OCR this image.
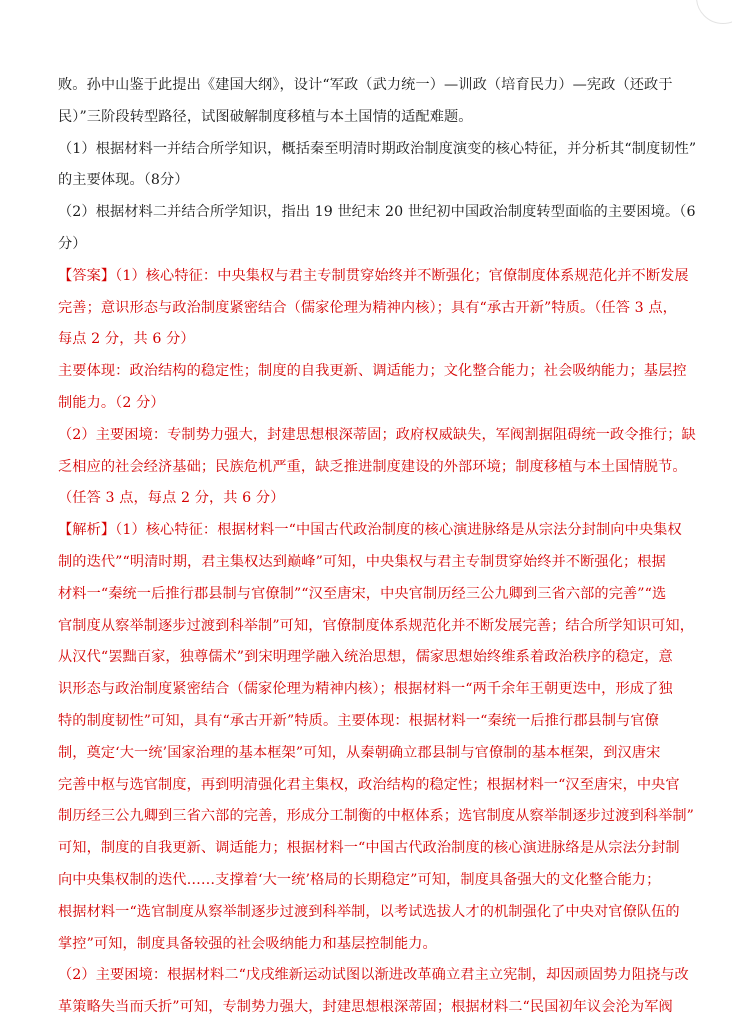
败。孙中山鉴于此提出《建国大纲》，设计“军政（武力统一）—训政（培育民力）—宪政（还政于
民）”三阶段转型路径，试图破解制度移植与本土国情的适配难题。
（1）根据材料一并结合所学知识，概括秦至明清时期政治制度演变的核心特征，并分析其“制度韧性”
的主要体现。（8分）
（2）根据材料二并结合所学知识，指出 19 世纪末 20 世纪初中国政治制度转型面临的主要困境。（6
分）
【答案】（1）核心特征：中央集权与君主专制贯穿始终并不断强化；官僚制度体系规范化并不断发展
完善；意识形态与政治制度紧密结合（儒家伦理为精神内核）；具有“承古开新”特质。（任答 3 点，
每点 2 分，共 6 分）
主要体现：政治结构的稳定性；制度的自我更新、调适能力；文化整合能力；社会吸纳能力；基层控
制能力。（2 分）
（2）主要困境：专制势力强大，封建思想根深蒂固；政府权威缺失，军阀割据阻碍统一政令推行；缺
乏相应的社会经济基础；民族危机严重，缺乏推进制度建设的外部环境；制度移植与本土国情脱节。
（任答 3 点，每点 2 分，共 6 分）
【解析】（1）核心特征：根据材料一“中国古代政治制度的核心演进脉络是从宗法分封制向中央集权
制的迭代”“明清时期，君主集权达到巅峰”可知，中央集权与君主专制贯穿始终并不断强化；根据
材料一“秦统一后推行郡县制与官僚制”“汉至唐宋，中央官制历经三公九卿到三省六部的完善”“选
官制度从察举制逐步过渡到科举制”可知，官僚制度体系规范化并不断发展完善；结合所学知识可知，
从汉代“罢黜百家，独尊儒术”到宋明理学融入统治思想，儒家思想始终维系着政治秩序的稳定，意
识形态与政治制度紧密结合（儒家伦理为精神内核）；根据材料一“两千余年王朝更迭中，形成了独
特的制度韧性”可知，具有“承古开新”特质。主要体现：根据材料一“秦统一后推行郡县制与官僚
制，奠定‘大一统’国家治理的基本框架”可知，从秦朝确立郡县制与官僚制的基本框架，到汉唐宋
完善中枢与选官制度，再到明清强化君主集权，政治结构的稳定性；根据材料一“汉至唐宋，中央官
制历经三公九卿到三省六部的完善，形成分工制衡的中枢体系；选官制度从察举制逐步过渡到科举制”
可知，制度的自我更新、调适能力；根据材料一“中国古代政治制度的核心演进脉络是从宗法分封制
向中央集权制的迭代……支撑着‘大一统’格局的长期稳定”可知，制度具备强大的文化整合能力；
根据材料一“选官制度从察举制逐步过渡到科举制，以考试选拔人才的机制强化了中央对官僚队伍的
掌控”可知，制度具备较强的社会吸纳能力和基层控制能力。
（2）主要困境：根据材料二“戊戌维新运动试图以渐进改革确立君主立宪制，却因顽固势力阻挠与改
革策略失当而夭折”可知，专制势力强大，封建思想根深蒂固；根据材料二“民国初年议会沦为军阀
